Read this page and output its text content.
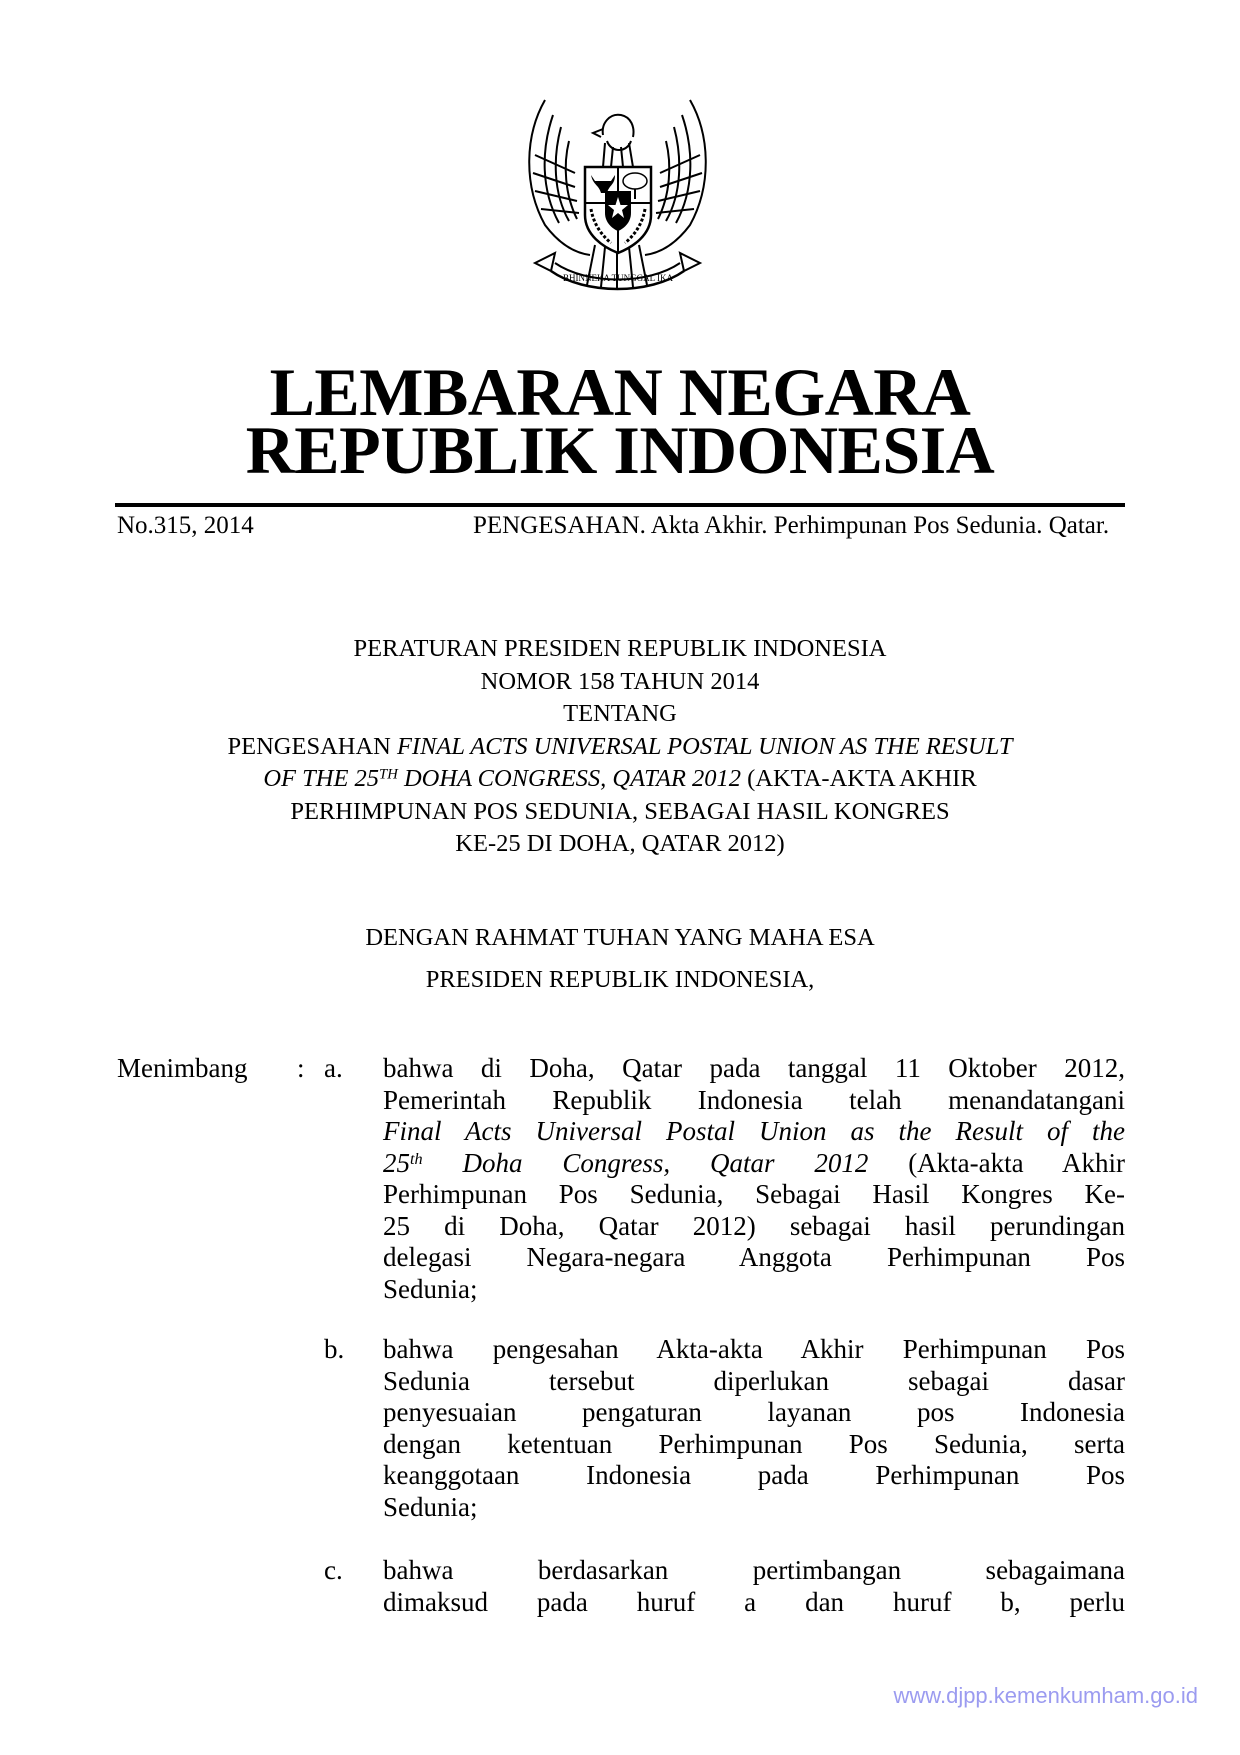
BHINNEKA TUNGGAL IKA
LEMBARAN NEGARA
REPUBLIK INDONESIA
No.315, 2014	PENGESAHAN. Akta Akhir. Perhimpunan Pos Sedunia. Qatar.
PERATURAN PRESIDEN REPUBLIK INDONESIA
NOMOR 158 TAHUN 2014
TENTANG
PENGESAHAN FINAL ACTS UNIVERSAL POSTAL UNION AS THE RESULT
OF THE 25TH DOHA CONGRESS, QATAR 2012 (AKTA-AKTA AKHIR
PERHIMPUNAN POS SEDUNIA, SEBAGAI HASIL KONGRES
KE-25 DI DOHA, QATAR 2012)
DENGAN RAHMAT TUHAN YANG MAHA ESA
PRESIDEN REPUBLIK INDONESIA,
Menimbang : a. bahwa di Doha, Qatar pada tanggal 11 Oktober 2012,
Pemerintah Republik Indonesia telah menandatangani
Final Acts Universal Postal Union as the Result of the
25th Doha Congress, Qatar 2012 (Akta-akta Akhir
Perhimpunan Pos Sedunia, Sebagai Hasil Kongres Ke-
25 di Doha, Qatar 2012) sebagai hasil perundingan
delegasi Negara-negara Anggota Perhimpunan Pos
Sedunia;
b. bahwa pengesahan Akta-akta Akhir Perhimpunan Pos
Sedunia tersebut diperlukan sebagai dasar
penyesuaian pengaturan layanan pos Indonesia
dengan ketentuan Perhimpunan Pos Sedunia, serta
keanggotaan Indonesia pada Perhimpunan Pos
Sedunia;
c. bahwa berdasarkan pertimbangan sebagaimana
dimaksud pada huruf a dan huruf b, perlu
www.djpp.kemenkumham.go.id
